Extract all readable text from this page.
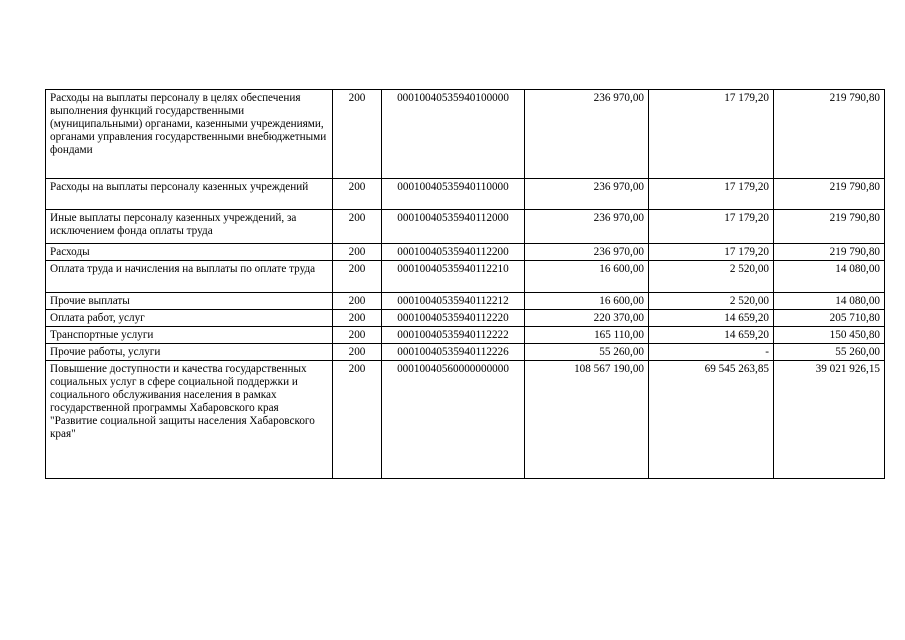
Расходы на выплаты персоналу в целях обеспечения выполнения функций государственными (муниципальными) органами, казенными учреждениями, органами управления государственными внебюджетными фондами	200	00010040535940100000	236 970,00	17 179,20	219 790,80
Расходы на выплаты персоналу казенных учреждений	200	00010040535940110000	236 970,00	17 179,20	219 790,80
Иные выплаты персоналу казенных учреждений, за исключением фонда оплаты труда	200	00010040535940112000	236 970,00	17 179,20	219 790,80
Расходы	200	00010040535940112200	236 970,00	17 179,20	219 790,80
Оплата труда и начисления на выплаты по оплате труда	200	00010040535940112210	16 600,00	2 520,00	14 080,00
Прочие выплаты	200	00010040535940112212	16 600,00	2 520,00	14 080,00
Оплата работ, услуг	200	00010040535940112220	220 370,00	14 659,20	205 710,80
Транспортные услуги	200	00010040535940112222	165 110,00	14 659,20	150 450,80
Прочие работы, услуги	200	00010040535940112226	55 260,00	-	55 260,00
Повышение доступности и качества государственных социальных услуг в сфере социальной поддержки и социального обслуживания населения в рамках государственной программы Хабаровского края "Развитие социальной защиты населения Хабаровского края"	200	00010040560000000000	108 567 190,00	69 545 263,85	39 021 926,15
